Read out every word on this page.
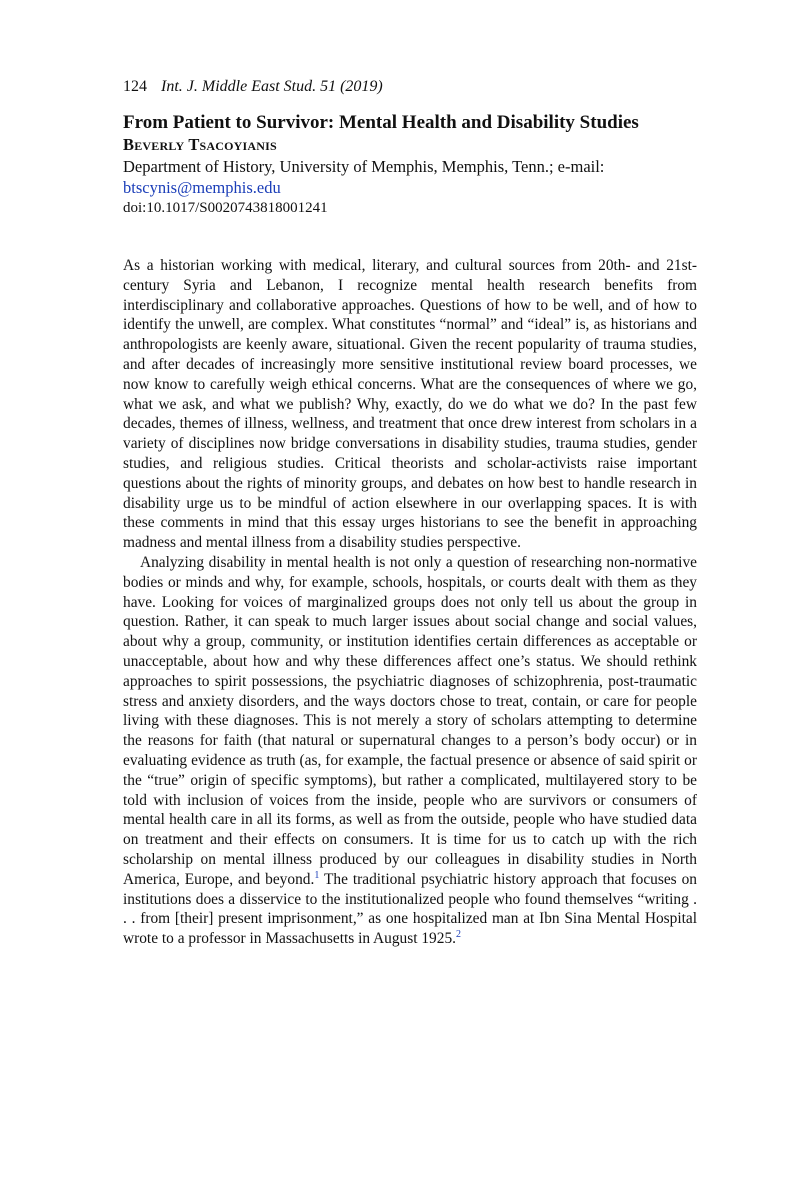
124 Int. J. Middle East Stud. 51 (2019)
From Patient to Survivor: Mental Health and Disability Studies
Beverly Tsacoyianis
Department of History, University of Memphis, Memphis, Tenn.; e-mail:
btscynis@memphis.edu
doi:10.1017/S0020743818001241

As a historian working with medical, literary, and cultural sources from 20th- and 21st-century Syria and Lebanon, I recognize mental health research benefits from interdisciplinary and collaborative approaches. Questions of how to be well, and of how to identify the unwell, are complex. What constitutes “normal” and “ideal” is, as historians and anthropologists are keenly aware, situational. Given the recent popularity of trauma studies, and after decades of increasingly more sensitive institutional review board processes, we now know to carefully weigh ethical concerns. What are the consequences of where we go, what we ask, and what we publish? Why, exactly, do we do what we do? In the past few decades, themes of illness, wellness, and treatment that once drew interest from scholars in a variety of disciplines now bridge conversations in disability studies, trauma studies, gender studies, and religious studies. Critical theorists and scholar-activists raise important questions about the rights of minority groups, and debates on how best to handle research in disability urge us to be mindful of action elsewhere in our overlapping spaces. It is with these comments in mind that this essay urges historians to see the benefit in approaching madness and mental illness from a disability studies perspective.

Analyzing disability in mental health is not only a question of researching non-normative bodies or minds and why, for example, schools, hospitals, or courts dealt with them as they have. Looking for voices of marginalized groups does not only tell us about the group in question. Rather, it can speak to much larger issues about social change and social values, about why a group, community, or institution identifies certain differences as acceptable or unacceptable, about how and why these differences affect one’s status. We should rethink approaches to spirit possessions, the psychiatric diagnoses of schizophrenia, post-traumatic stress and anxiety disorders, and the ways doctors chose to treat, contain, or care for people living with these diagnoses. This is not merely a story of scholars attempting to determine the reasons for faith (that natural or supernatural changes to a person’s body occur) or in evaluating evidence as truth (as, for example, the factual presence or absence of said spirit or the “true” origin of specific symptoms), but rather a complicated, multilayered story to be told with inclusion of voices from the inside, people who are survivors or consumers of mental health care in all its forms, as well as from the outside, people who have studied data on treatment and their effects on consumers. It is time for us to catch up with the rich scholarship on mental illness produced by our colleagues in disability studies in North America, Europe, and beyond.$^1$ The traditional psychiatric history approach that focuses on institutions does a disservice to the institutionalized people who found themselves “writing . . . from [their] present imprisonment,” as one hospitalized man at Ibn Sina Mental Hospital wrote to a professor in Massachusetts in August 1925.$^2$
